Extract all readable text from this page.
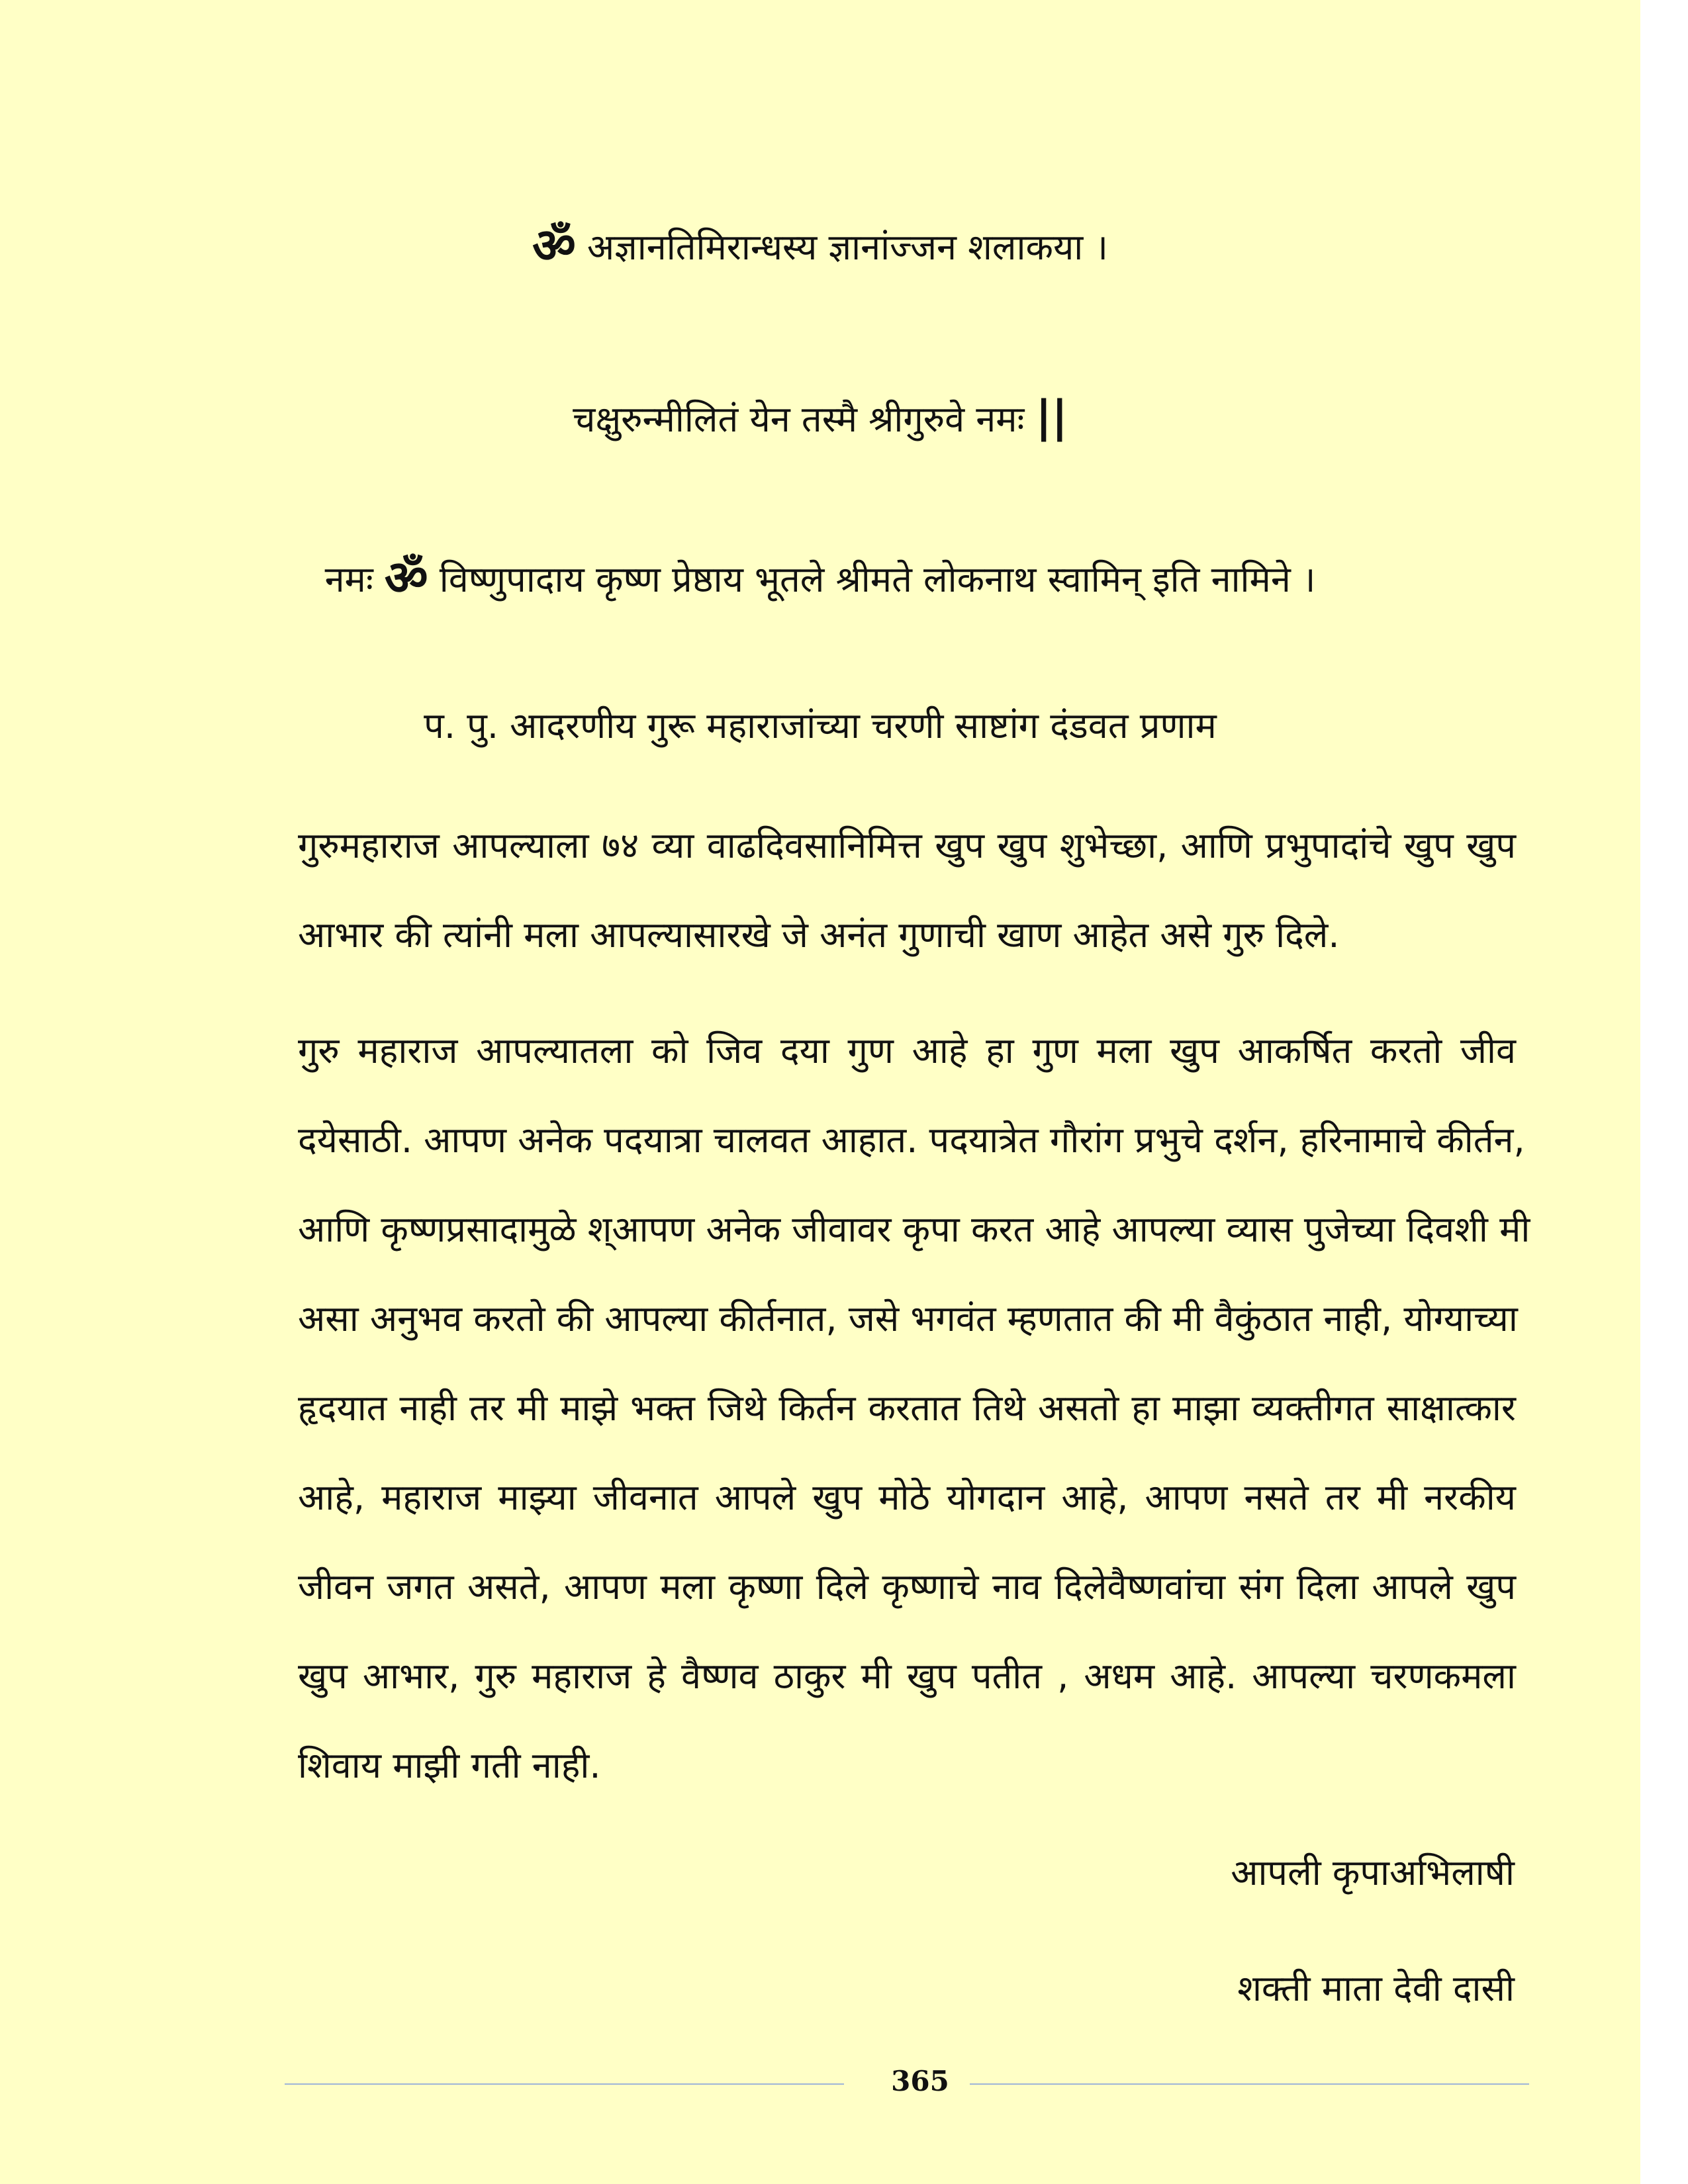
ॐ अज्ञानतिमिरान्धस्य ज्ञानांज्जन शलाकया ।
चक्षुरुन्मीलितं येन तस्मै श्रीगुरुवे नमः ||
नमः ॐ विष्णुपादाय कृष्ण प्रेष्ठाय भूतले श्रीमते लोकनाथ स्वामिन् इति नामिने ।
प. पु. आदरणीय गुरू महाराजांच्या चरणी साष्टांग दंडवत प्रणाम
गुरुमहाराज आपल्याला ७४ व्या वाढदिवसानिमित्त खुप खुप शुभेच्छा, आणि प्रभुपादांचे खुप खुप
आभार की त्यांनी मला आपल्यासारखे जे अनंत गुणाची खाण आहेत असे गुरु दिले.
गुरु महाराज आपल्यातला को जिव दया गुण आहे हा गुण मला खुप आकर्षित करतो जीव
दयेसाठी. आपण अनेक पदयात्रा चालवत आहात. पदयात्रेत गौरांग प्रभुचे दर्शन, हरिनामाचे कीर्तन,
आणि कृष्णप्रसादामुळे श्आपण अनेक जीवावर कृपा करत आहे आपल्या व्यास पुजेच्या दिवशी मी
असा अनुभव करतो की आपल्या कीर्तनात, जसे भगवंत म्हणतात की मी वैकुंठात नाही, योग्याच्या
हृदयात नाही तर मी माझे भक्त जिथे किर्तन करतात तिथे असतो हा माझा व्यक्तीगत साक्षात्कार
आहे, महाराज माझ्या जीवनात आपले खुप मोठे योगदान आहे, आपण नसते तर मी नरकीय
जीवन जगत असते, आपण मला कृष्णा दिले कृष्णाचे नाव दिलेवैष्णवांचा संग दिला आपले खुप
खुप आभार, गुरु महाराज हे वैष्णव ठाकुर मी खुप पतीत , अधम आहे. आपल्या चरणकमला
शिवाय माझी गती नाही.
आपली कृपाअभिलाषी
शक्ती माता देवी दासी
365
